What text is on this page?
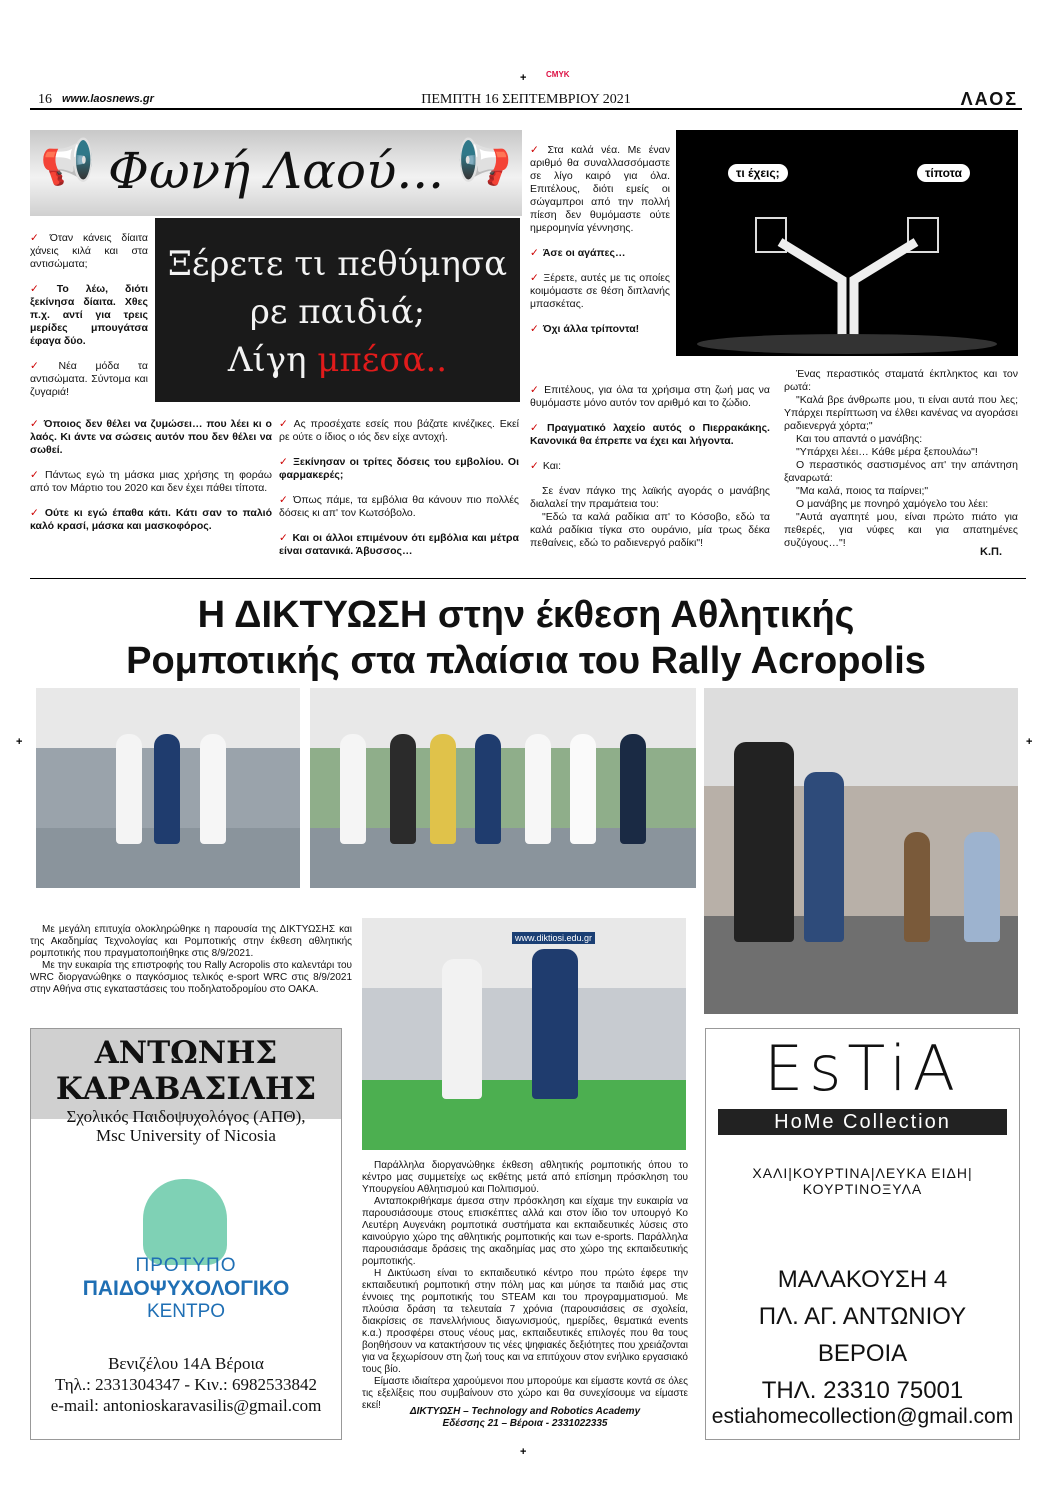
+ CMYK
+	+
+
16 www.laosnews.gr	ΠΕΜΠΤΗ 16 ΣΕΠΤΕΜΒΡΙΟΥ 2021	ΛΑΟΣ
📢 Φωνή Λαού... 📢
Ξέρετε τι πεθύμησα
ρε παιδιά;
Λίγη μπέσα..

✓ Όταν κάνεις δίαιτα χάνεις κιλά και στα αντισώματα;

✓ Το λέω, διότι ξεκίνησα δίαιτα. Χθες π.χ. αντί για τρεις μερίδες μπουγάτσα έφαγα δύο.

✓ Νέα μόδα τα αντισώματα. Σύντομα και ζυγαριά!

✓ Όποιος δεν θέλει να ζυμώσει… που λέει κι ο λαός. Κι άντε να σώσεις αυτόν που δεν θέλει να σωθεί.

✓ Πάντως εγώ τη μάσκα μιας χρήσης τη φοράω από τον Μάρτιο του 2020 και δεν έχει πάθει τίποτα.

✓ Ούτε κι εγώ έπαθα κάτι. Κάτι σαν το παλιό καλό κρασί, μάσκα και μασκοφόρος.

✓ Ας προσέχατε εσείς που βάζατε κινέζικες. Εκεί ρε ούτε ο ίδιος ο ιός δεν είχε αντοχή.

✓ Ξεκίνησαν οι τρίτες δόσεις του εμβολίου. Οι φαρμακερές;

✓ Όπως πάμε, τα εμβόλια θα κάνουν πιο πολλές δόσεις κι απ' τον Κωτσόβολο.

✓ Και οι άλλοι επιμένουν ότι εμβόλια και μέτρα είναι σατανικά. Άβυσσος…

✓ Στα καλά νέα. Με έναν αριθμό θα συναλλασσόμαστε σε λίγο καιρό για όλα. Επιτέλους, διότι εμείς οι σώγαμπροι από την πολλή πίεση δεν θυμόμαστε ούτε ημερομηνία γέννησης.

✓ Άσε οι αγάπες…

✓ Ξέρετε, αυτές με τις οποίες κοιμόμαστε σε θέση διπλανής μπασκέτας.

✓ Όχι άλλα τρίποντα!

✓ Επιτέλους, για όλα τα χρήσιμα στη ζωή μας να θυμόμαστε μόνο αυτόν τον αριθμό και το ζώδιο.

✓ Πραγματικό λαχείο αυτός ο Πιερρακάκης. Κανονικά θα έπρεπε να έχει και λήγοντα.

✓ Και:

Σε έναν πάγκο της λαϊκής αγοράς ο μανάβης διαλαλεί την πραμάτεια του:

"Εδώ τα καλά ραδίκια απ' το Κόσοβο, εδώ τα καλά ραδίκια τίγκα στο ουράνιο, μία τρως δέκα πεθαίνεις, εδώ το ραδιενεργό ραδίκι"!

τι έχεις;	τίποτα

Ένας περαστικός σταματά έκπληκτος και τον ρωτά:

"Καλά βρε άνθρωπε μου, τι είναι αυτά που λες; Υπάρχει περίπτωση να έλθει κανένας να αγοράσει ραδιενεργά χόρτα;"

Και του απαντά ο μανάβης:

"Υπάρχει λέει… Κάθε μέρα ξεπουλάω"!

Ο περαστικός σαστισμένος απ' την απάντηση ξαναρωτά:

"Μα καλά, ποιος τα παίρνει;"

Ο μανάβης με πονηρό χαμόγελο του λέει:

"Αυτά αγαπητέ μου, είναι πρώτο πιάτο για πεθερές, για νύφες και για απατημένες συζύγους…"!

Κ.Π.
Η ΔΙΚΤΥΩΣΗ στην έκθεση Αθλητικής
Ρομποτικής στα πλαίσια του Rally Acropolis
www.diktiosi.edu.gr

Με μεγάλη επιτυχία ολοκληρώθηκε η παρουσία της ΔΙΚΤΥΩΣΗΣ και της Ακαδημίας Τεχνολογίας και Ρομποτικής στην έκθεση αθλητικής ρομποτικής που πραγματοποιήθηκε στις 8/9/2021.

Με την ευκαιρία της επιστροφής του Rally Acropolis στο καλεντάρι του WRC διοργανώθηκε ο παγκόσμιος τελικός e-sport WRC στις 8/9/2021 στην Αθήνα στις εγκαταστάσεις του ποδηλατοδρομίου στο ΟΑΚΑ.

Παράλληλα διοργανώθηκε έκθεση αθλητικής ρομποτικής όπου το κέντρο μας συμμετείχε ως εκθέτης μετά από επίσημη πρόσκληση του Υπουργείου Αθλητισμού και Πολιτισμού.

Ανταποκριθήκαμε άμεσα στην πρόσκληση και είχαμε την ευκαιρία να παρουσιάσουμε στους επισκέπτες αλλά και στον ίδιο τον υπουργό Κο Λευτέρη Αυγενάκη ρομποτικά συστήματα και εκπαιδευτικές λύσεις στο καινούργιο χώρο της αθλητικής ρομποτικής και των e-sports. Παράλληλα παρουσιάσαμε δράσεις της ακαδημίας μας στο χώρο της εκπαιδευτικής ρομποτικής.

Η Δικτύωση είναι το εκπαιδευτικό κέντρο που πρώτο έφερε την εκπαιδευτική ρομποτική στην πόλη μας και μύησε τα παιδιά μας στις έννοιες της ρομποτικής του STEAM και του προγραμματισμού. Με πλούσια δράση τα τελευταία 7 χρόνια (παρουσιάσεις σε σχολεία, διακρίσεις σε πανελλήνιους διαγωνισμούς, ημερίδες, θεματικά events κ.α.) προσφέρει στους νέους μας, εκπαιδευτικές επιλογές που θα τους βοηθήσουν να κατακτήσουν τις νέες ψηφιακές δεξιότητες που χρειάζονται για να ξεχωρίσουν στη ζωή τους και να επιτύχουν στον ενήλικο εργασιακό τους βίο.

Είμαστε ιδιαίτερα χαρούμενοι που μπορούμε και είμαστε κοντά σε όλες τις εξελίξεις που συμβαίνουν στο χώρο και θα συνεχίσουμε να είμαστε εκεί!

ΔΙΚΤΥΩΣΗ – Technology and Robotics Academy
Εδέσσης 21 – Βέροια - 2331022335
ΑΝΤΩΝΗΣ ΚΑΡΑΒΑΣΙΛΗΣ
Σχολικός Παιδοψυχολόγος (ΑΠΘ),
Msc University of Nicosia
ΠΡΟΤΥΠΟ
ΠΑΙΔΟΨΥΧΟΛΟΓΙΚΟ
ΚΕΝΤΡΟ
Βενιζέλου 14Α Βέροια
Τηλ.: 2331304347 - Κιν.: 6982533842
e-mail: antonioskaravasilis@gmail.com
EsTiA
HoMe Collection
ΧΑΛΙ|ΚΟΥΡΤΙΝΑ|ΛΕΥΚΑ ΕΙΔΗ|ΚΟΥΡΤΙΝΟΞΥΛΑ
ΜΑΛΑΚΟΥΣΗ 4
ΠΛ. ΑΓ. ΑΝΤΩΝΙΟΥ
ΒΕΡΟΙΑ
ΤΗΛ. 23310 75001
estiahomecollection@gmail.com
